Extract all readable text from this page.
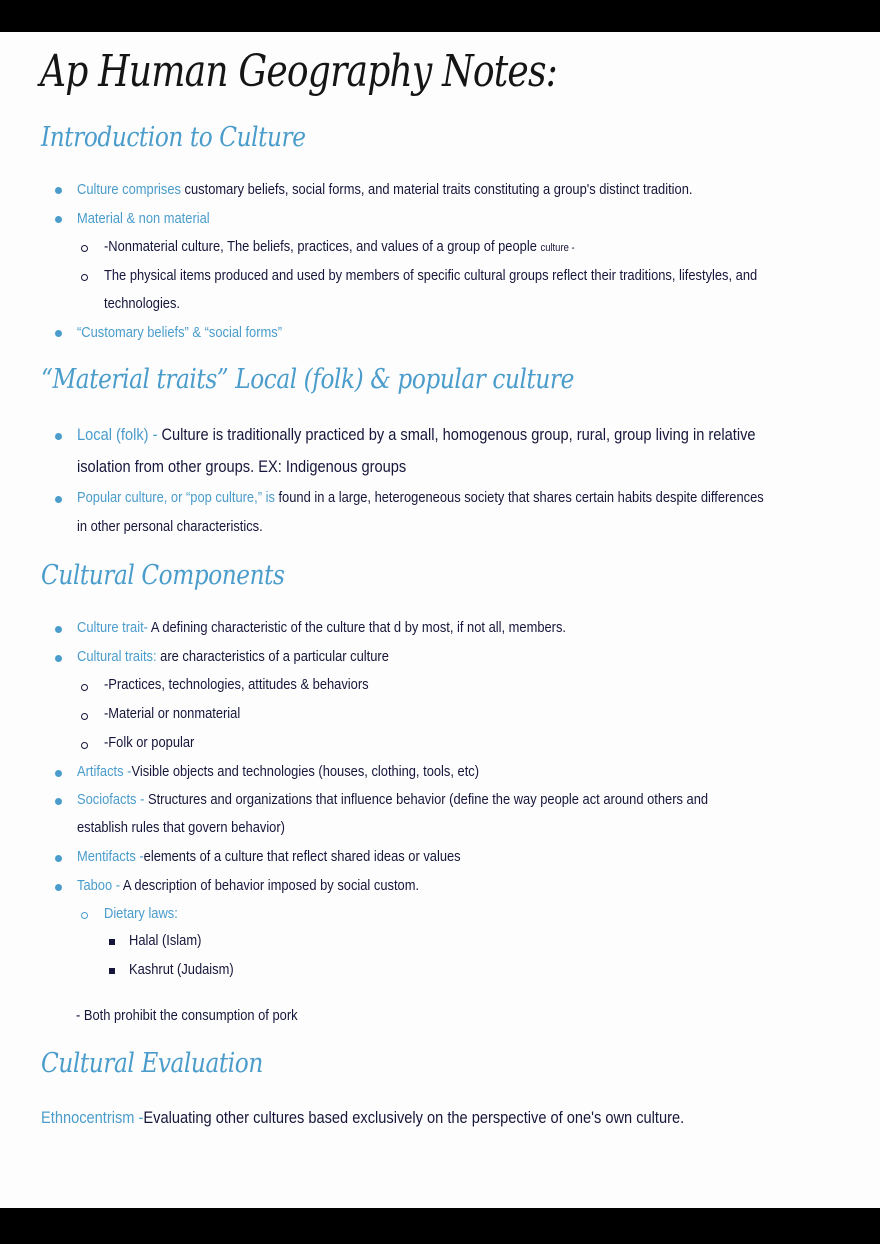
Ap Human Geography Notes:
Introduction to Culture
Culture comprises customary beliefs, social forms, and material traits constituting a group's distinct tradition.
Material & non material
-Nonmaterial culture, The beliefs, practices, and values of a group of people culture -
The physical items produced and used by members of specific cultural groups reflect their traditions, lifestyles, and
technologies.
“Customary beliefs” & “social forms”
“Material traits” Local (folk) & popular culture
Local (folk) - Culture is traditionally practiced by a small, homogenous group, rural, group living in relative
isolation from other groups. EX: Indigenous groups
Popular culture, or “pop culture,” is found in a large, heterogeneous society that shares certain habits despite differences
in other personal characteristics.
Cultural Components
Culture trait- A defining characteristic of the culture that d by most, if not all, members.
Cultural traits: are characteristics of a particular culture
-Practices, technologies, attitudes & behaviors
-Material or nonmaterial
-Folk or popular
Artifacts -Visible objects and technologies (houses, clothing, tools, etc)
Sociofacts - Structures and organizations that influence behavior (define the way people act around others and
establish rules that govern behavior)
Mentifacts -elements of a culture that reflect shared ideas or values
Taboo - A description of behavior imposed by social custom.
Dietary laws:
Halal (Islam)
Kashrut (Judaism)
- Both prohibit the consumption of pork
Cultural Evaluation
Ethnocentrism -Evaluating other cultures based exclusively on the perspective of one's own culture.
